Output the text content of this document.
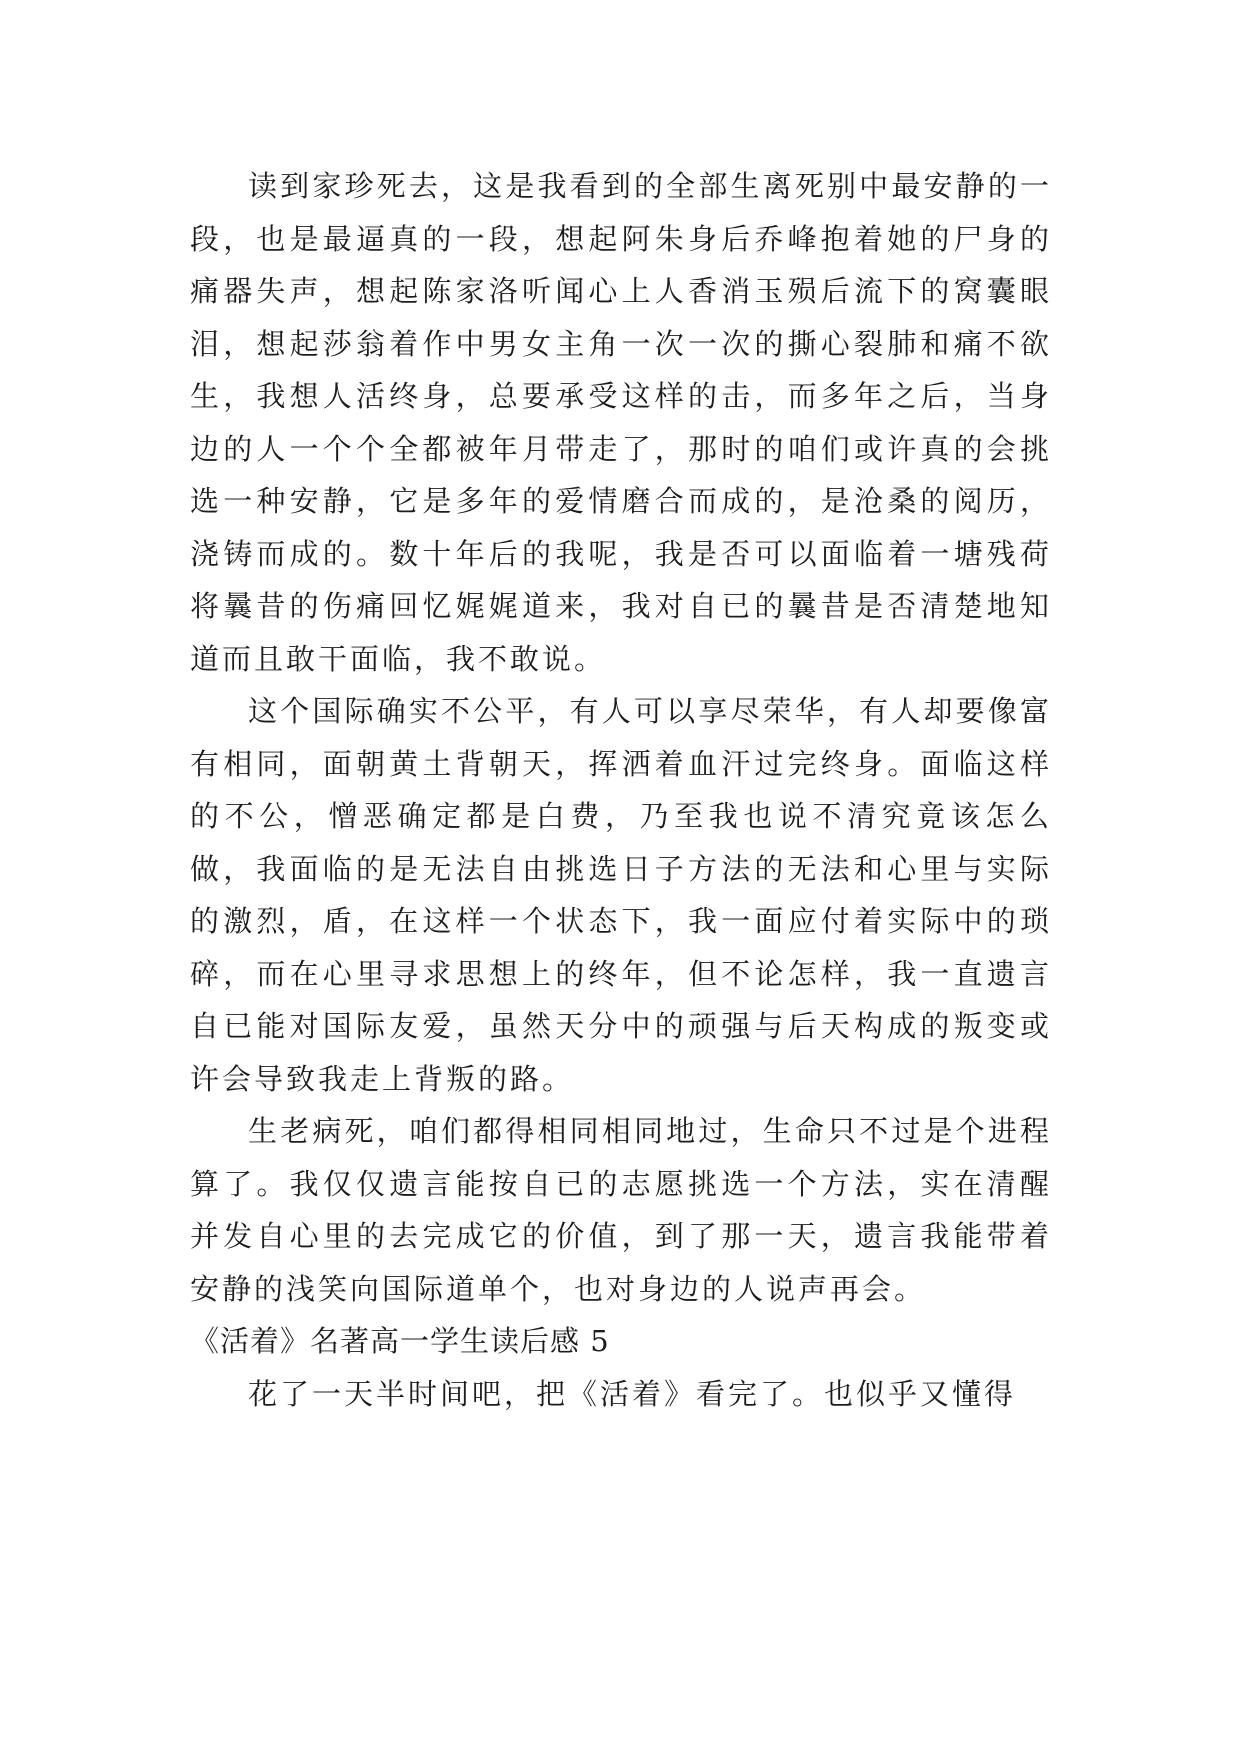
读到家珍死去，这是我看到的全部生离死别中最安静的一段，也是最逼真的一段，想起阿朱身后乔峰抱着她的尸身的痛器失声，想起陈家洛听闻心上人香消玉殒后流下的窝囊眼泪，想起莎翁着作中男女主角一次一次的撕心裂肺和痛不欲生，我想人活终身，总要承受这样的击，而多年之后，当身边的人一个个全都被年月带走了，那时的咱们或许真的会挑选一种安静，它是多年的爱情磨合而成的，是沧桑的阅历，浇铸而成的。数十年后的我呢，我是否可以面临着一塘残荷将曩昔的伤痛回忆娓娓道来，我对自已的曩昔是否清楚地知道而且敢干面临，我不敢说。

这个国际确实不公平，有人可以享尽荣华，有人却要像富有相同，面朝黄土背朝天，挥洒着血汗过完终身。面临这样的不公，憎恶确定都是白费，乃至我也说不清究竟该怎么做，我面临的是无法自由挑选日子方法的无法和心里与实际的激烈，盾，在这样一个状态下，我一面应付着实际中的琐碎，而在心里寻求思想上的终年，但不论怎样，我一直遗言自已能对国际友爱，虽然天分中的顽强与后天构成的叛变或许会导致我走上背叛的路。

生老病死，咱们都得相同相同地过，生命只不过是个进程算了。我仅仅遗言能按自已的志愿挑选一个方法，实在清醒并发自心里的去完成它的价值，到了那一天，遗言我能带着安静的浅笑向国际道单个，也对身边的人说声再会。

《活着》名著高一学生读后感 5

花了一天半时间吧，把《活着》看完了。也似乎又懂得
